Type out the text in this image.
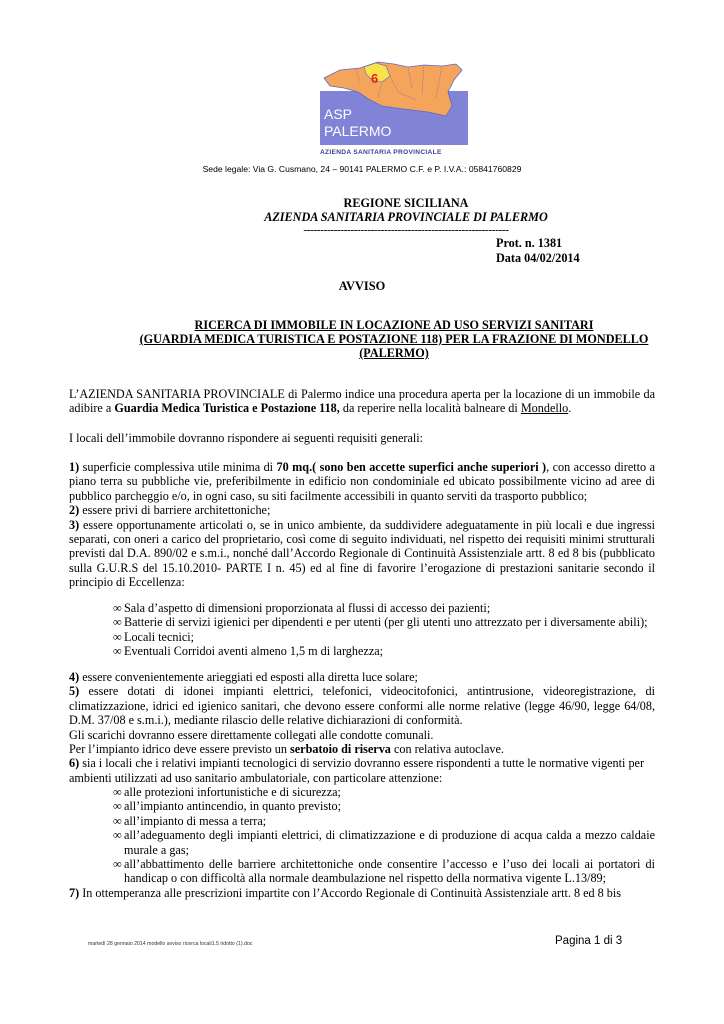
6
ASP
PALERMO
AZIENDA SANITARIA PROVINCIALE
Sede legale: Via G. Cusmano, 24 – 90141 PALERMO C.F. e P. I.V.A.: 05841760829
REGIONE SICILIANA
AZIENDA SANITARIA PROVINCIALE DI PALERMO
-------------------------------------------------------------
Prot. n. 1381
Data 04/02/2014
AVVISO
RICERCA DI IMMOBILE IN LOCAZIONE AD USO SERVIZI SANITARI
(GUARDIA MEDICA TURISTICA E POSTAZIONE 118) PER LA FRAZIONE DI MONDELLO
(PALERMO)

L’AZIENDA SANITARIA PROVINCIALE di Palermo indice una procedura aperta per la locazione di un immobile da

adibire a Guardia Medica Turistica e Postazione 118, da reperire nella località balneare di Mondello.

I locali dell’immobile dovranno rispondere ai seguenti requisiti generali:

1) superficie complessiva utile minima di 70 mq.( sono ben accette superfici anche superiori ), con accesso diretto a

piano terra su pubbliche vie, preferibilmente in edificio non condominiale ed ubicato possibilmente vicino ad aree di

pubblico parcheggio e/o, in ogni caso, su siti facilmente accessibili in quanto serviti da trasporto pubblico;

2) essere privi di barriere architettoniche;

3) essere opportunamente articolati o, se in unico ambiente, da suddividere adeguatamente in più locali e due ingressi

separati, con oneri a carico del proprietario, così come di seguito individuati, nel rispetto dei requisiti minimi strutturali

previsti dal D.A. 890/02 e s.m.i., nonché dall’Accordo Regionale di Continuità Assistenziale artt. 8 ed 8 bis (pubblicato

sulla G.U.R.S del 15.10.2010- PARTE I n. 45) ed al fine di favorire l’erogazione di prestazioni sanitarie secondo il

principio di Eccellenza:

∞ Sala d’aspetto di dimensioni proporzionata al flussi di accesso dei pazienti;
∞ Batterie di servizi igienici per dipendenti e per utenti (per gli utenti uno attrezzato per i diversamente abili);
∞ Locali tecnici;
∞ Eventuali Corridoi aventi almeno 1,5 m di larghezza;

4) essere convenientemente arieggiati ed esposti alla diretta luce solare;

5) essere dotati di idonei impianti elettrici, telefonici, videocitofonici, antintrusione, videoregistrazione, di

climatizzazione, idrici ed igienico sanitari, che devono essere conformi alle norme relative (legge 46/90, legge 64/08,

D.M. 37/08 e s.m.i.), mediante rilascio delle relative dichiarazioni di conformità.

Gli scarichi dovranno essere direttamente collegati alle condotte comunali.

Per l’impianto idrico deve essere previsto un serbatoio di riserva con relativa autoclave.

6) sia i locali che i relativi impianti tecnologici di servizio dovranno essere rispondenti a tutte le normative vigenti per

ambienti utilizzati ad uso sanitario ambulatoriale, con particolare attenzione:

∞ alle protezioni infortunistiche e di sicurezza;
∞ all’impianto antincendio, in quanto previsto;
∞ all’impianto di messa a terra;
∞ all’adeguamento degli impianti elettrici, di climatizzazione e di produzione di acqua calda a mezzo caldaie
murale a gas;
∞ all’abbattimento delle barriere architettoniche onde consentire l’accesso e l’uso dei locali ai portatori di
handicap o con difficoltà alla normale deambulazione nel rispetto della normativa vigente L.13/89;
7) In ottemperanza alle prescrizioni impartite con l’Accordo Regionale di Continuità Assistenziale artt. 8 ed 8 bis
martedì 28 gennaio 2014 modello avviso ricerca locali1.5 ridotto (1).doc	Pagina 1 di 3
